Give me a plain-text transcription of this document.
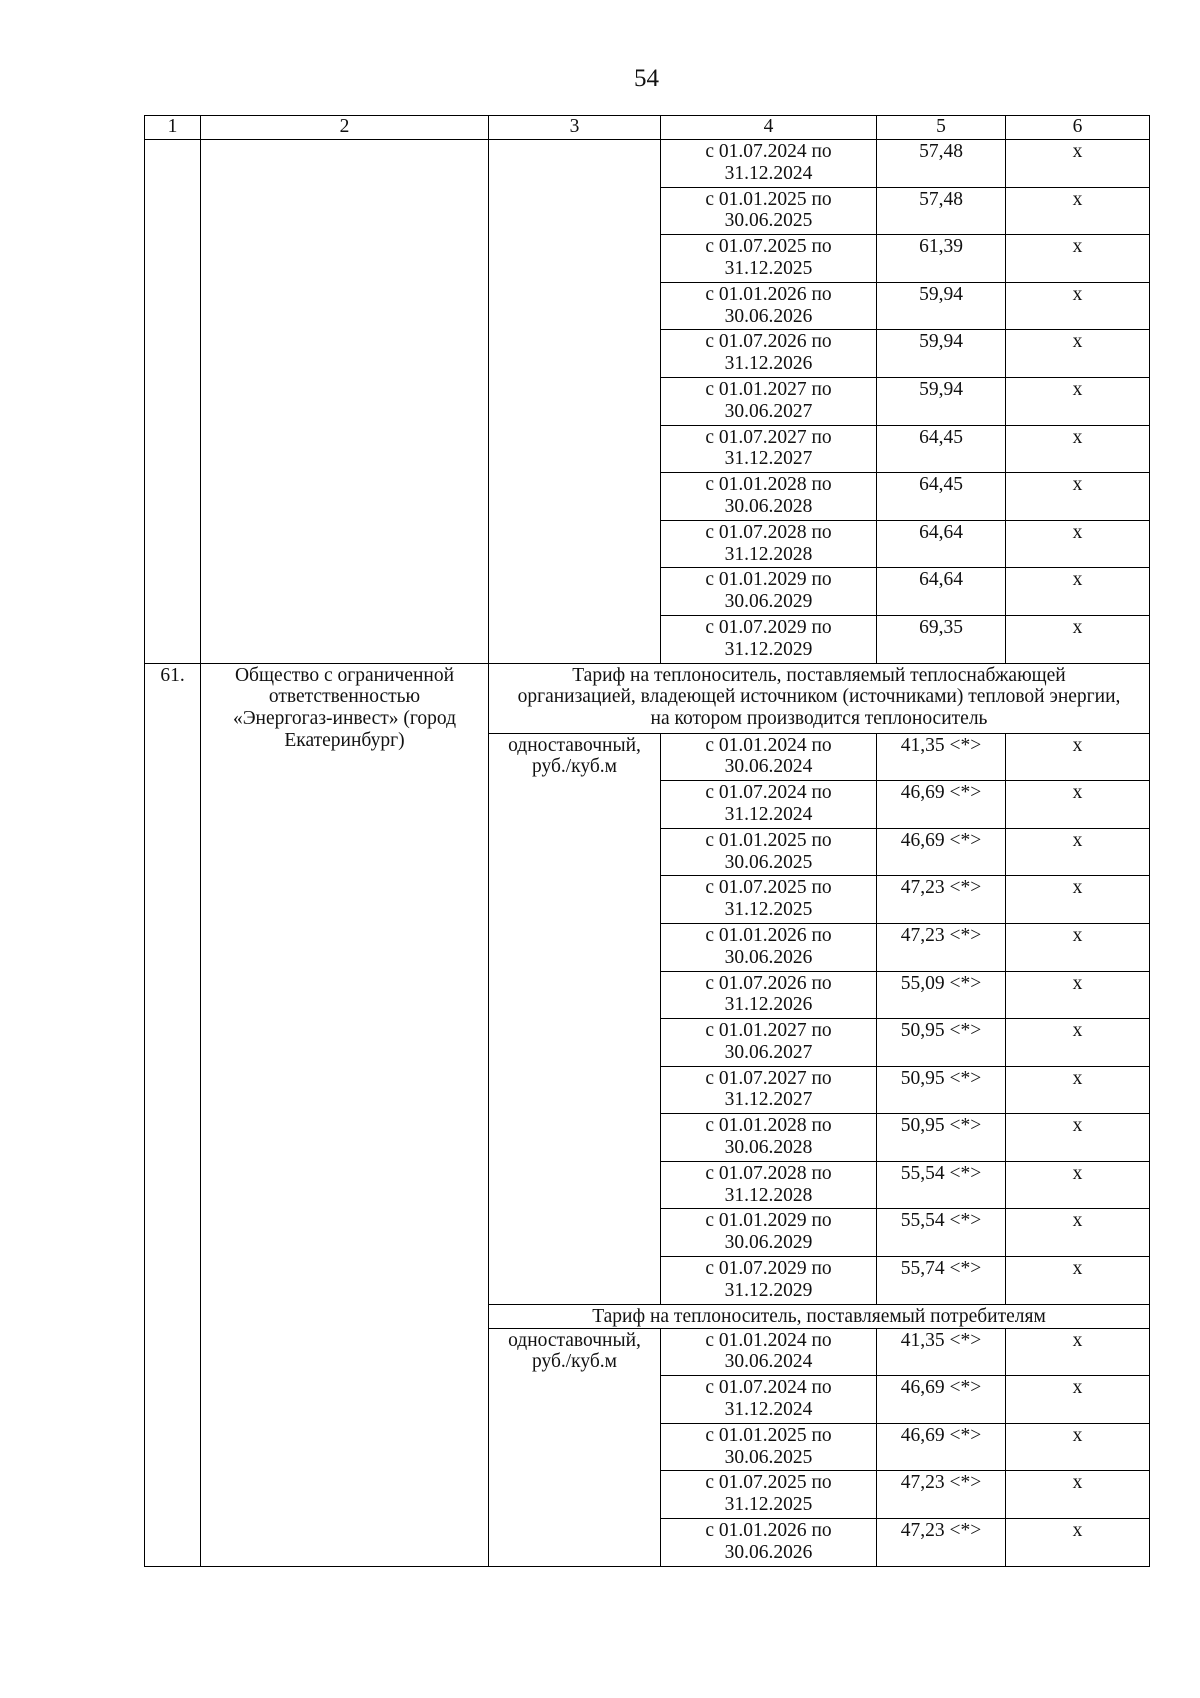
54
1	2	3	4	5	6

			с 01.07.2024 по
31.12.2024	57,48	х

			с 01.01.2025 по
30.06.2025	57,48	х

			с 01.07.2025 по
31.12.2025	61,39	х

			с 01.01.2026 по
30.06.2026	59,94	х

			с 01.07.2026 по
31.12.2026	59,94	х

			с 01.01.2027 по
30.06.2027	59,94	х

			с 01.07.2027 по
31.12.2027	64,45	х

			с 01.01.2028 по
30.06.2028	64,45	х

			с 01.07.2028 по
31.12.2028	64,64	х

			с 01.01.2029 по
30.06.2029	64,64	х

			с 01.07.2029 по
31.12.2029	69,35	х
61.	Общество с ограниченной
ответственностью
«Энергогаз-инвест» (город
Екатеринбург)	Тариф на теплоноситель, поставляемый теплоснабжающей
организацией, владеющей источником (источниками) тепловой энергии,
на котором производится теплоноситель			

		одноставочный,
руб./куб.м	с 01.01.2024 по
30.06.2024	41,35 <*>	х

			с 01.07.2024 по
31.12.2024	46,69 <*>	х

			с 01.01.2025 по
30.06.2025	46,69 <*>	х

			с 01.07.2025 по
31.12.2025	47,23 <*>	х

			с 01.01.2026 по
30.06.2026	47,23 <*>	х

			с 01.07.2026 по
31.12.2026	55,09 <*>	х

			с 01.01.2027 по
30.06.2027	50,95 <*>	х

			с 01.07.2027 по
31.12.2027	50,95 <*>	х

			с 01.01.2028 по
30.06.2028	50,95 <*>	х

			с 01.07.2028 по
31.12.2028	55,54 <*>	х

			с 01.01.2029 по
30.06.2029	55,54 <*>	х

			с 01.07.2029 по
31.12.2029	55,74 <*>	х

		Тариф на теплоноситель, поставляемый потребителям			

		одноставочный,
руб./куб.м	с 01.01.2024 по
30.06.2024	41,35 <*>	х

			с 01.07.2024 по
31.12.2024	46,69 <*>	х

			с 01.01.2025 по
30.06.2025	46,69 <*>	х

			с 01.07.2025 по
31.12.2025	47,23 <*>	х

			с 01.01.2026 по
30.06.2026	47,23 <*>	х
